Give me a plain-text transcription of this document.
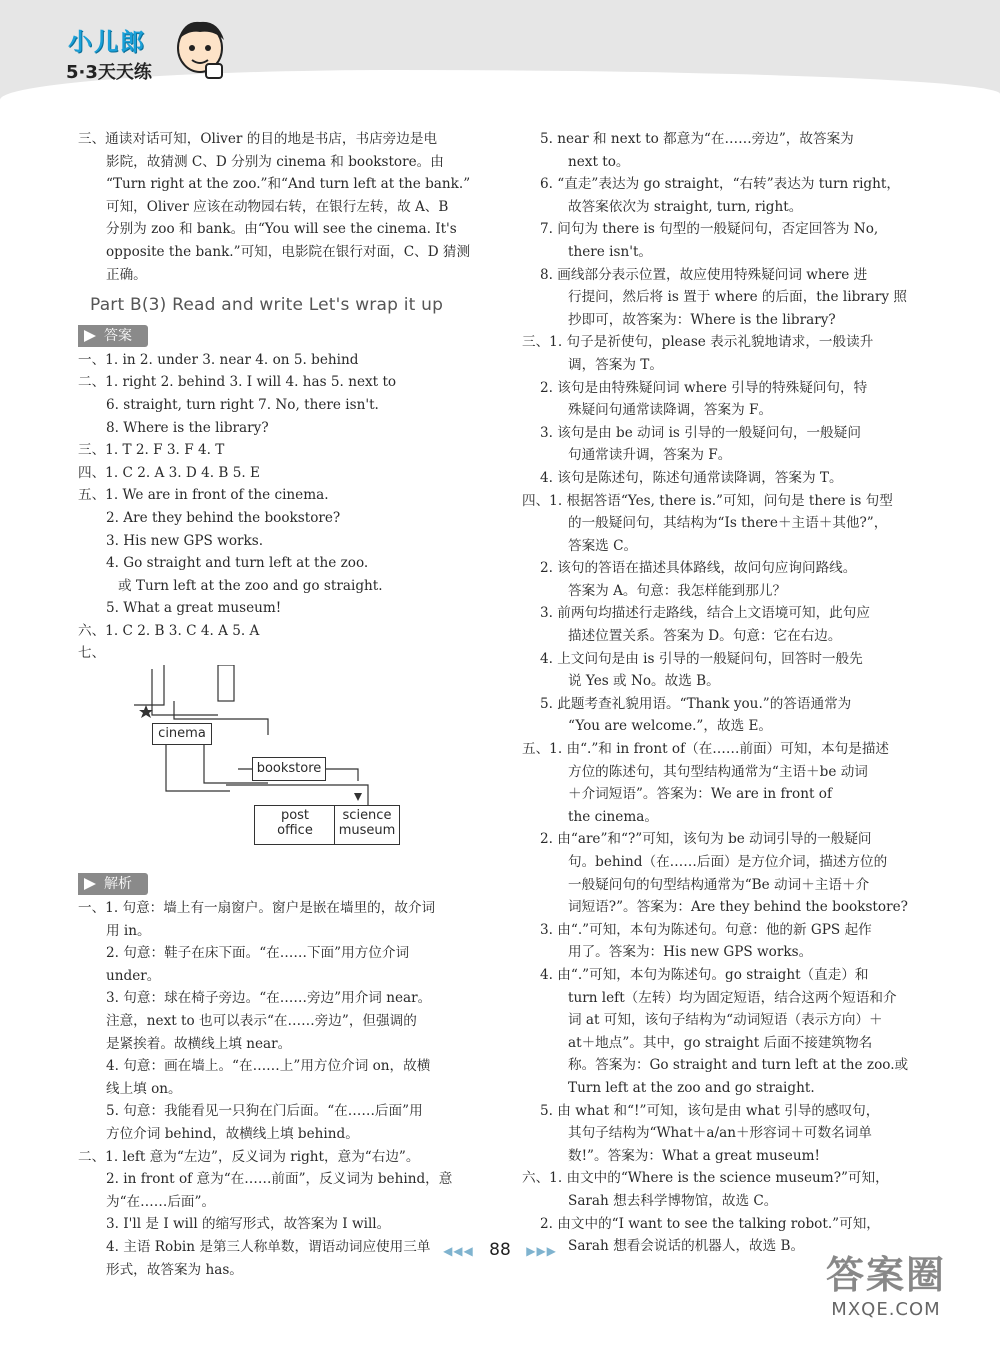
小儿郎
5·3天天练
三、通读对话可知，Oliver 的目的地是书店，书店旁边是电
影院，故猜测 C、D 分别为 cinema 和 bookstore。由
“Turn right at the zoo.”和“And turn left at the bank.”
可知，Oliver 应该在动物园右转，在银行左转，故 A、B
分别为 zoo 和 bank。由“You will see the cinema. It's
opposite the bank.”可知，电影院在银行对面，C、D 猜测
正确。
Part B(3) Read and write Let's wrap it up
答案
一、1. in 2. under 3. near 4. on 5. behind
二、1. right 2. behind 3. I will 4. has 5. next to
6. straight, turn right 7. No, there isn't.
8. Where is the library?
三、1. T 2. F 3. F 4. T
四、1. C 2. A 3. D 4. B 5. E
五、1. We are in front of the cinema.
2. Are they behind the bookstore?
3. His new GPS works.
4. Go straight and turn left at the zoo.
或 Turn left at the zoo and go straight.
5. What a great museum!
六、1. C 2. B 3. C 4. A 5. A
七、
cinema
bookstore
post
office
science
museum
解析
一、1. 句意：墙上有一扇窗户。窗户是嵌在墙里的，故介词
用 in。
2. 句意：鞋子在床下面。“在……下面”用方位介词
under。
3. 句意：球在椅子旁边。“在……旁边”用介词 near。
注意，next to 也可以表示“在……旁边”，但强调的
是紧挨着。故横线上填 near。
4. 句意：画在墙上。“在……上”用方位介词 on，故横
线上填 on。
5. 句意：我能看见一只狗在门后面。“在……后面”用
方位介词 behind，故横线上填 behind。
二、1. left 意为“左边”，反义词为 right，意为“右边”。
2. in front of 意为“在……前面”，反义词为 behind，意
为“在……后面”。
3. I'll 是 I will 的缩写形式，故答案为 I will。
4. 主语 Robin 是第三人称单数，谓语动词应使用三单
形式，故答案为 has。
5. near 和 next to 都意为“在……旁边”，故答案为
next to。
6. “直走”表达为 go straight，“右转”表达为 turn right，
故答案依次为 straight, turn, right。
7. 问句为 there is 句型的一般疑问句，否定回答为 No,
there isn't。
8. 画线部分表示位置，故应使用特殊疑问词 where 进
行提问，然后将 is 置于 where 的后面，the library 照
抄即可，故答案为：Where is the library?
三、1. 句子是祈使句，please 表示礼貌地请求，一般读升
调，答案为 T。
2. 该句是由特殊疑问词 where 引导的特殊疑问句，特
殊疑问句通常读降调，答案为 F。
3. 该句是由 be 动词 is 引导的一般疑问句，一般疑问
句通常读升调，答案为 F。
4. 该句是陈述句，陈述句通常读降调，答案为 T。
四、1. 根据答语“Yes, there is.”可知，问句是 there is 句型
的一般疑问句，其结构为“Is there＋主语＋其他?”，
答案选 C。
2. 该句的答语在描述具体路线，故问句应询问路线。
答案为 A。句意：我怎样能到那儿？
3. 前两句均描述行走路线，结合上文语境可知，此句应
描述位置关系。答案为 D。句意：它在右边。
4. 上文问句是由 is 引导的一般疑问句，回答时一般先
说 Yes 或 No。故选 B。
5. 此题考查礼貌用语。“Thank you.”的答语通常为
“You are welcome.”，故选 E。
五、1. 由“.”和 in front of（在……前面）可知，本句是描述
方位的陈述句，其句型结构通常为“主语＋be 动词
＋介词短语”。答案为：We are in front of
the cinema。
2. 由“are”和“?”可知，该句为 be 动词引导的一般疑问
句。behind（在……后面）是方位介词，描述方位的
一般疑问句的句型结构通常为“Be 动词＋主语＋介
词短语?”。答案为：Are they behind the bookstore?
3. 由“.”可知，本句为陈述句。句意：他的新 GPS 起作
用了。答案为：His new GPS works。
4. 由“.”可知，本句为陈述句。go straight（直走）和
turn left（左转）均为固定短语，结合这两个短语和介
词 at 可知，该句子结构为“动词短语（表示方向）＋
at＋地点”。其中，go straight 后面不接建筑物名
称。答案为：Go straight and turn left at the zoo.或
Turn left at the zoo and go straight.
5. 由 what 和“!”可知，该句是由 what 引导的感叹句，
其句子结构为“What＋a/an＋形容词＋可数名词单
数!”。答案为：What a great museum!
六、1. 由文中的“Where is the science museum?”可知，
Sarah 想去科学博物馆，故选 C。
2. 由文中的“I want to see the talking robot.”可知，
Sarah 想看会说话的机器人，故选 B。
◀◀◀ 88 ▶▶▶
答案圈
MXQE.COM
